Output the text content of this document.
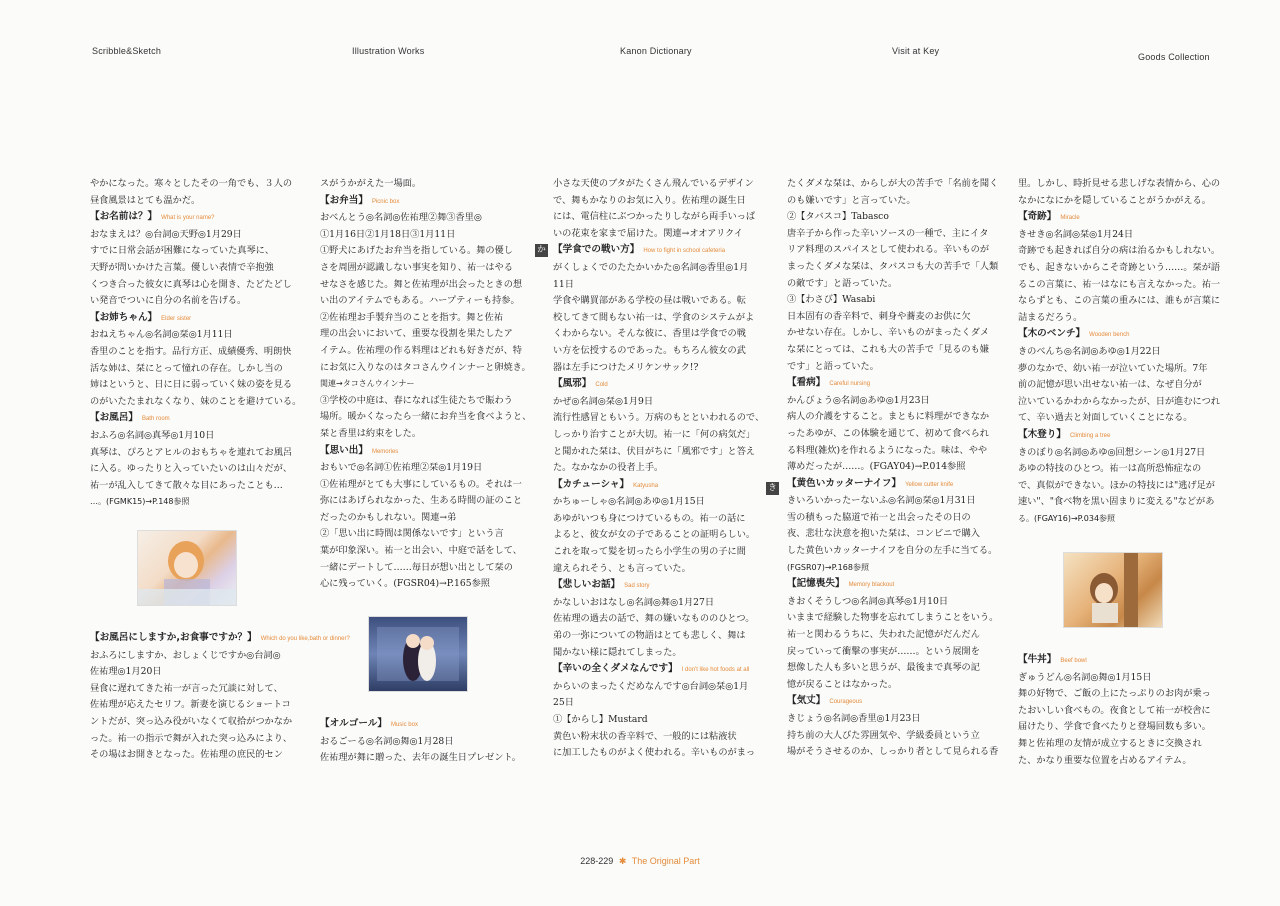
Scribble&Sketch	Illustration Works	Kanon Dictionary	Visit at Key
Goods Collection

やかになった。寒々としたその一角でも、３人の

昼食風景はとても温かだ。

【お名前は？】 What is your name?

おなまえは？◎台詞◎天野◎1月29日

すでに日常会話が困難になっていた真琴に、

天野が問いかけた言葉。優しい表情で辛抱強

くつき合った彼女に真琴は心を開き、たどたどし

い発音でついに自分の名前を告げる。

【お姉ちゃん】 Elder sister

おねえちゃん◎名詞◎栞◎1月11日

香里のことを指す。品行方正、成績優秀、明朗快

活な姉は、栞にとって憧れの存在。しかし当の

姉はというと、日に日に弱っていく妹の姿を見る

のがいたたまれなくなり、妹のことを避けている。

【お風呂】 Bath room

おふろ◎名詞◎真琴◎1月10日

真琴は、ぴろとアヒルのおもちゃを連れてお風呂

に入る。ゆったりと入っていたいのは山々だが、

祐一が乱入してきて散々な目にあったことも…

…。(FGMK15)→P.148参照

【お風呂にしますか,お食事ですか？】 Which do you like,bath or dinner?

おふろにしますか、おしょくじですか◎台詞◎

佐祐理◎1月20日

昼食に遅れてきた祐一が言った冗談に対して、

佐祐理が応えたセリフ。新妻を演じるショートコ

ントだが、突っ込み役がいなくて収拾がつかなか

った。祐一の指示で舞が入れた突っ込みにより、

その場はお開きとなった。佐祐理の庶民的セン

スがうかがえた一場面。

【お弁当】 Picnic box

おべんとう◎名詞◎佐祐理②舞③香里◎

①1月16日②1月18日③1月11日

①野犬にあげたお弁当を指している。舞の優し

さを周囲が認識しない事実を知り、祐一はやる

せなさを感じた。舞と佐祐理が出会ったときの想

い出のアイテムでもある。ハープティーも持参。

②佐祐理お手製弁当のことを指す。舞と佐祐

理の出会いにおいて、重要な役割を果たしたア

イテム。佐祐理の作る料理はどれも好きだが、特

にお気に入りなのはタコさんウインナーと卵焼き。

関連→タコさんウインナー

③学校の中庭は、春になれば生徒たちで賑わう

場所。暖かくなったら一緒にお弁当を食べようと、

栞と香里は約束をした。

【思い出】 Memories

おもいで◎名詞①佐祐理②栞◎1月19日

①佐祐理がとても大事にしているもの。それは一

弥にはあげられなかった、生ある時間の証のこと

だったのかもしれない。関連→弟

②「思い出に時間は関係ないです」という言

葉が印象深い。祐一と出会い、中庭で話をして、

一緒にデートして……毎日が想い出として栞の

心に残っていく。(FGSR04)→P.165参照

【オルゴール】 Music box

おるごーる◎名詞◎舞◎1月28日

佐祐理が舞に贈った、去年の誕生日プレゼント。

小さな天使のブタがたくさん飛んでいるデザイン

で、舞もかなりのお気に入り。佐祐理の誕生日

には、電信柱にぶつかったりしながら両手いっぱ

いの花束を家まで届けた。関連→オオアリクイ

【学食での戦い方】 How to fight in school cafeteria

がくしょくでのたたかいかた◎名詞◎香里◎1月

11日

学食や購買部がある学校の昼は戦いである。転

校してきて間もない祐一は、学食のシステムがよ

くわからない。そんな彼に、香里は学食での戦

い方を伝授するのであった。もちろん彼女の武

器は左手につけたメリケンサック!?

【風邪】 Cold

かぜ◎名詞◎栞◎1月9日

流行性感冒ともいう。万病のもとといわれるので、

しっかり治すことが大切。祐一に「何の病気だ」

と聞かれた栞は、伏目がちに「風邪です」と答え

た。なかなかの役者上手。

【カチューシャ】 Katyusha

かちゅーしゃ◎名詞◎あゆ◎1月15日

あゆがいつも身につけているもの。祐一の話に

よると、彼女が女の子であることの証明らしい。

これを取って髪を切ったら小学生の男の子に間

違えられそう、とも言っていた。

【悲しいお話】 Sad story

かなしいおはなし◎名詞◎舞◎1月27日

佐祐理の過去の話で、舞の嫌いなもののひとつ。

弟の一弥についての物語はとても悲しく、舞は

聞かない様に隠れてしまった。

【辛いの全くダメなんです】 I don't like hot foods at all

からいのまったくだめなんです◎台詞◎栞◎1月

25日

①【からし】Mustard

黄色い粉末状の香辛料で、一般的には粘液状

に加工したものがよく使われる。辛いものがまっ

たくダメな栞は、からしが大の苦手で「名前を聞く

のも嫌いです」と言っていた。

②【タバスコ】Tabasco

唐辛子から作った辛いソースの一種で、主にイタ

リア料理のスパイスとして使われる。辛いものが

まったくダメな栞は、タバスコも大の苦手で「人類

の敵です」と語っていた。

③【わさび】Wasabi

日本固有の香辛料で、刺身や蕎麦のお供に欠

かせない存在。しかし、辛いものがまったくダメ

な栞にとっては、これも大の苦手で「見るのも嫌

です」と語っていた。

【看病】 Careful nursing

かんびょう◎名詞◎あゆ◎1月23日

病人の介護をすること。まともに料理ができなか

ったあゆが、この体験を通じて、初めて食べられ

る料理(雑炊)を作れるようになった。味は、やや

薄めだったが……。(FGAY04)→P.014参照

【黄色いカッターナイフ】 Yellow cutter knife

きいろいかったーないふ◎名詞◎栞◎1月31日

雪の積もった脇道で祐一と出会ったその日の

夜、悲壮な決意を抱いた栞は、コンビニで購入

した黄色いカッターナイフを自分の左手に当てる。

(FGSR07)→P.168参照

【記憶喪失】 Memory blackout

きおくそうしつ◎名詞◎真琴◎1月10日

いままで経験した物事を忘れてしまうことをいう。

祐一と関わるうちに、失われた記憶がだんだん

戻っていって衝撃の事実が……。という展開を

想像した人も多いと思うが、最後まで真琴の記

憶が戻ることはなかった。

【気丈】 Courageous

きじょう◎名詞◎香里◎1月23日

持ち前の大人びた雰囲気や、学級委員という立

場がそうさせるのか、しっかり者として見られる香

里。しかし、時折見せる悲しげな表情から、心の

なかになにかを隠していることがうかがえる。

【奇跡】 Miracle

きせき◎名詞◎栞◎1月24日

奇跡でも起きれば自分の病は治るかもしれない。

でも、起きないからこそ奇跡という……。栞が語

るこの言葉に、祐一はなにも言えなかった。祐一

ならずとも、この言葉の重みには、誰もが言葉に

詰まるだろう。

【木のベンチ】 Wooden bench

きのべんち◎名詞◎あゆ◎1月22日

夢のなかで、幼い祐一が泣いていた場所。7年

前の記憶が思い出せない祐一は、なぜ自分が

泣いているかわからなかったが、日が進むにつれ

て、辛い過去と対面していくことになる。

【木登り】 Climbing a tree

きのぼり◎名詞◎あゆ◎回想シーン◎1月27日

あゆの特技のひとつ。祐一は高所恐怖症なの

で、真似ができない。ほかの特技には"逃げ足が

速い"、"食べ物を黒い固まりに変える"などがあ

る。(FGAY16)→P.034参照

【牛丼】 Beef bowl

ぎゅうどん◎名詞◎舞◎1月15日

舞の好物で、ご飯の上にたっぷりのお肉が乗っ

たおいしい食べもの。夜食として祐一が校舎に

届けたり、学食で食べたりと登場回数も多い。

舞と佐祐理の友情が成立するときに交換され

た、かなり重要な位置を占めるアイテム。

か
き
228-229 ✱ The Original Part
